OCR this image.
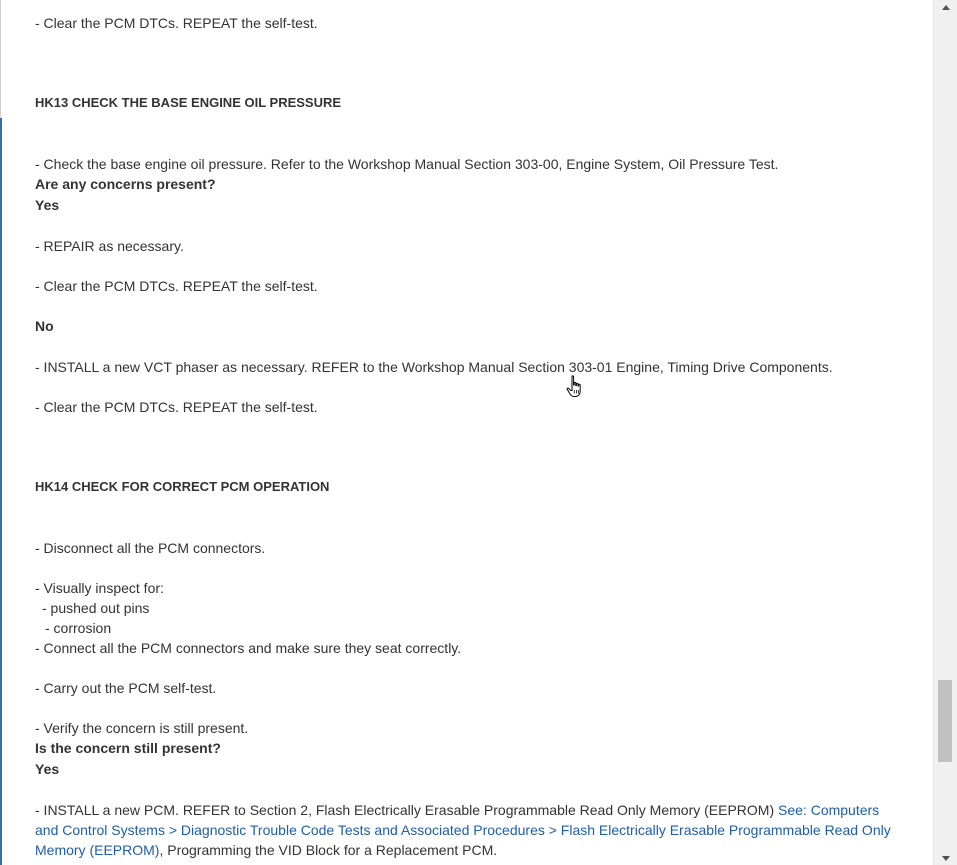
- Clear the PCM DTCs. REPEAT the self-test.
HK13 CHECK THE BASE ENGINE OIL PRESSURE
- Check the base engine oil pressure. Refer to the Workshop Manual Section 303-00, Engine System, Oil Pressure Test.
Are any concerns present?
Yes
- REPAIR as necessary.
- Clear the PCM DTCs. REPEAT the self-test.
No
- INSTALL a new VCT phaser as necessary. REFER to the Workshop Manual Section 303-01 Engine, Timing Drive Components.
- Clear the PCM DTCs. REPEAT the self-test.
HK14 CHECK FOR CORRECT PCM OPERATION
- Disconnect all the PCM connectors.
- Visually inspect for:
- pushed out pins
- corrosion
- Connect all the PCM connectors and make sure they seat correctly.
- Carry out the PCM self-test.
- Verify the concern is still present.
Is the concern still present?
Yes
- INSTALL a new PCM. REFER to Section 2, Flash Electrically Erasable Programmable Read Only Memory (EEPROM) See: Computers and Control Systems > Diagnostic Trouble Code Tests and Associated Procedures > Flash Electrically Erasable Programmable Read Only Memory (EEPROM), Programming the VID Block for a Replacement PCM.
